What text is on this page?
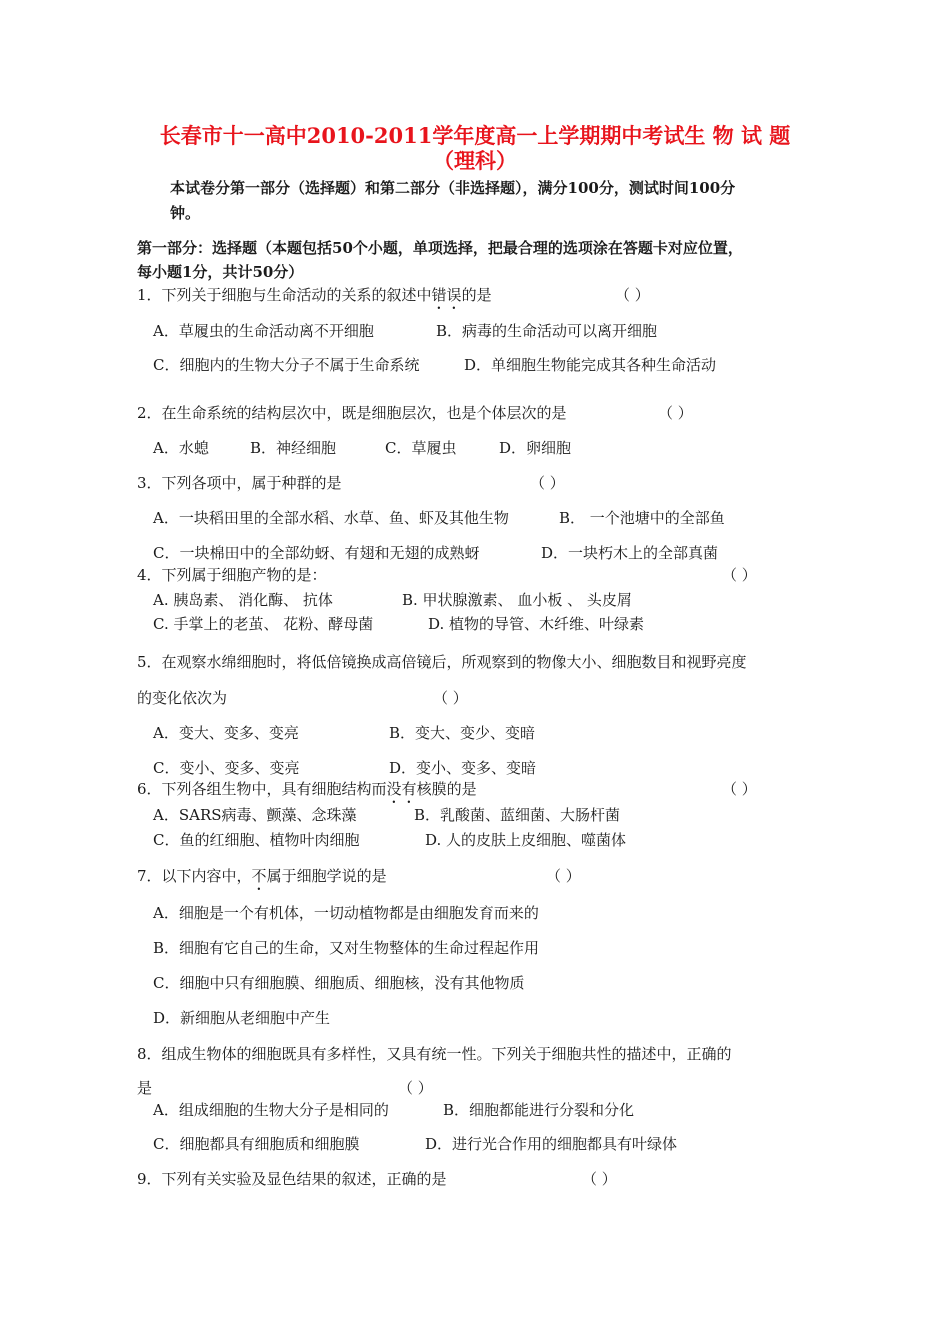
长春市十一高中2010-2011学年度高一上学期期中考试生 物 试 题
（理科）
本试卷分第一部分（选择题）和第二部分（非选择题），满分100分，测试时间100分
钟。
第一部分：选择题（本题包括50个小题，单项选择，把最合理的选项涂在答题卡对应位置，
每小题1分，共计50分）
1．下列关于细胞与生命活动的关系的叙述中错误的是	（ ）
A．草履虫的生命活动离不开细胞	B．病毒的生命活动可以离开细胞
C．细胞内的生物大分子不属于生命系统	D．单细胞生物能完成其各种生命活动
2．在生命系统的结构层次中，既是细胞层次，也是个体层次的是	（ ）
A．水螅	B．神经细胞	C．草履虫	D．卵细胞
3．下列各项中，属于种群的是	（ ）
A．一块稻田里的全部水稻、水草、鱼、虾及其他生物	B． 一个池塘中的全部鱼
C．一块棉田中的全部幼蚜、有翅和无翅的成熟蚜	D．一块朽木上的全部真菌
4．下列属于细胞产物的是：	（ ）
A. 胰岛素、 消化酶、 抗体	B. 甲状腺激素、 血小板 、 头皮屑
C. 手掌上的老茧、 花粉、酵母菌	D. 植物的导管、木纤维、叶绿素
5．在观察水绵细胞时，将低倍镜换成高倍镜后，所观察到的物像大小、细胞数目和视野亮度
的变化依次为	（ ）
A．变大、变多、变亮	B．变大、变少、变暗
C．变小、变多、变亮	D．变小、变多、变暗
6．下列各组生物中，具有细胞结构而没有核膜的是	（ ）
A．SARS病毒、颤藻、念珠藻	B．乳酸菌、蓝细菌、大肠杆菌
C．鱼的红细胞、植物叶肉细胞	D. 人的皮肤上皮细胞、噬菌体
7．以下内容中，不属于细胞学说的是	（ ）
A．细胞是一个有机体，一切动植物都是由细胞发育而来的
B．细胞有它自己的生命，又对生物整体的生命过程起作用
C．细胞中只有细胞膜、细胞质、细胞核，没有其他物质
D．新细胞从老细胞中产生
8．组成生物体的细胞既具有多样性，又具有统一性。下列关于细胞共性的描述中，正确的
是	（ ）
A．组成细胞的生物大分子是相同的	B．细胞都能进行分裂和分化
C．细胞都具有细胞质和细胞膜	D．进行光合作用的细胞都具有叶绿体
9．下列有关实验及显色结果的叙述，正确的是	（ ）
